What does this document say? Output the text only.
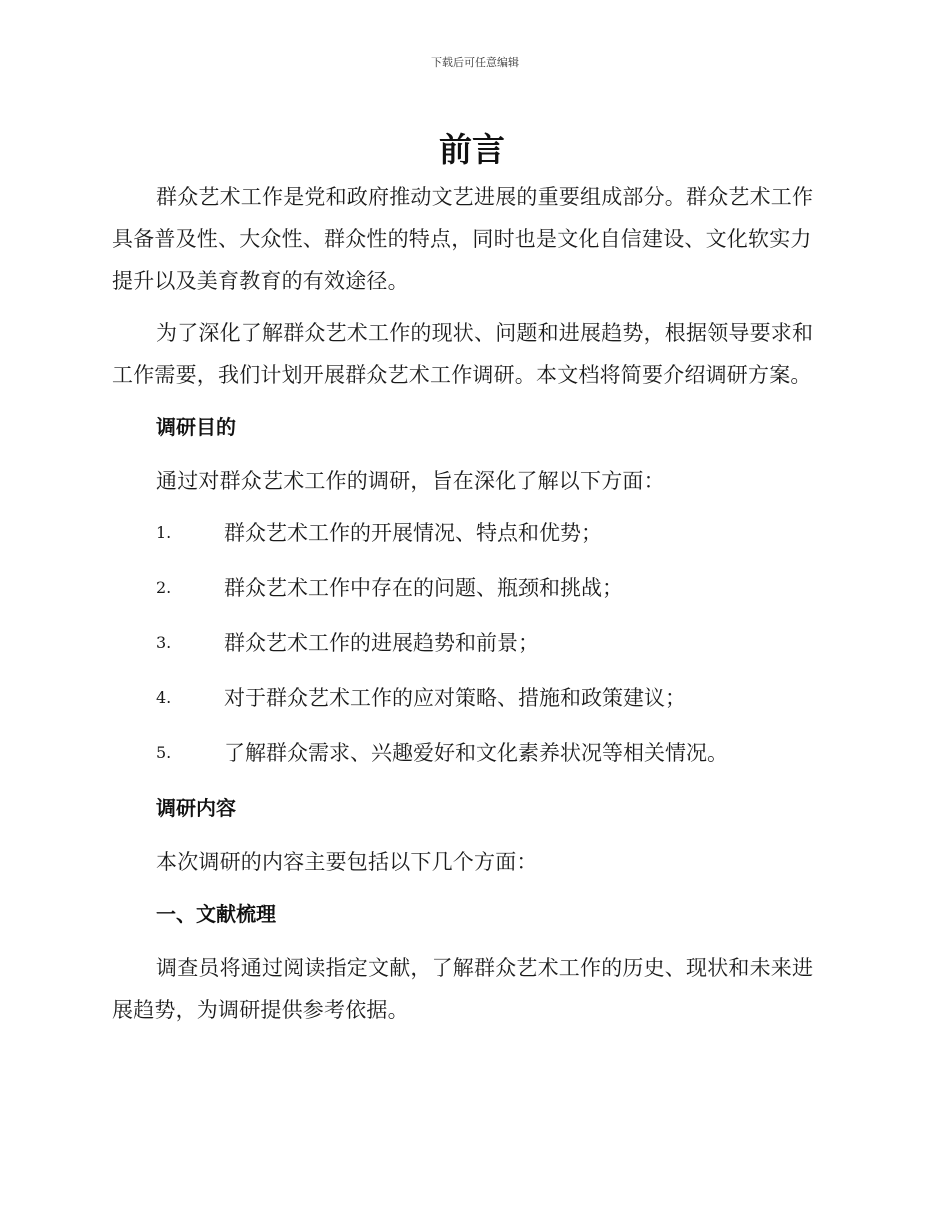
下载后可任意编辑
前言

群众艺术工作是党和政府推动文艺进展的重要组成部分。群众艺术工作具备普及性、大众性、群众性的特点，同时也是文化自信建设、文化软实力提升以及美育教育的有效途径。

为了深化了解群众艺术工作的现状、问题和进展趋势，根据领导要求和工作需要，我们计划开展群众艺术工作调研。本文档将简要介绍调研方案。

调研目的

通过对群众艺术工作的调研，旨在深化了解以下方面：

1.	群众艺术工作的开展情况、特点和优势；
2.	群众艺术工作中存在的问题、瓶颈和挑战；
3.	群众艺术工作的进展趋势和前景；
4.	对于群众艺术工作的应对策略、措施和政策建议；
5.	了解群众需求、兴趣爱好和文化素养状况等相关情况。
调研内容

本次调研的内容主要包括以下几个方面：

一、文献梳理

调查员将通过阅读指定文献，了解群众艺术工作的历史、现状和未来进展趋势，为调研提供参考依据。
